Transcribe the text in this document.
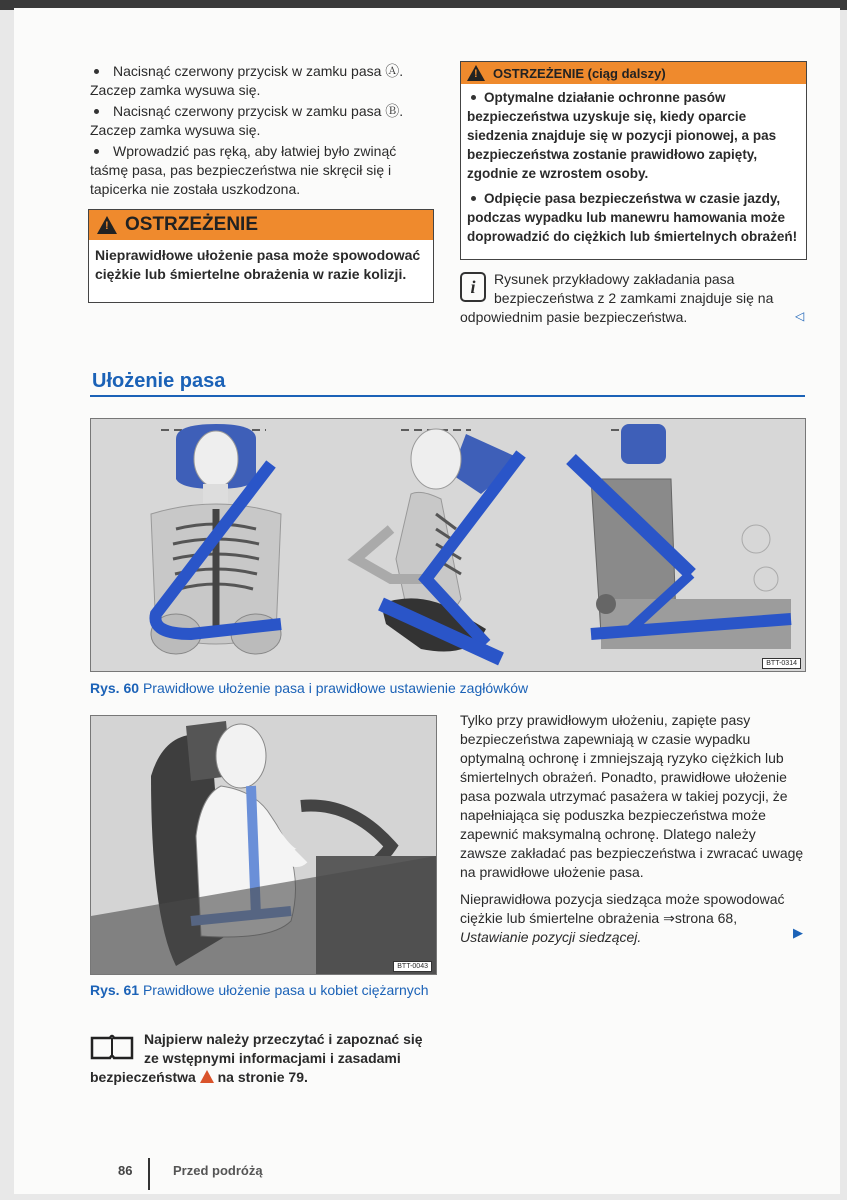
Nacisnąć czerwony przycisk w zamku pasa Ⓐ. Zaczep zamka wysuwa się.

Nacisnąć czerwony przycisk w zamku pasa Ⓑ. Zaczep zamka wysuwa się.

Wprowadzić pas ręką, aby łatwiej było zwinąć taśmę pasa, pas bezpieczeństwa nie skręcił się i tapicerka nie została uszkodzona.

! OSTRZEŻENIE

Nieprawidłowe ułożenie pasa może spowodować ciężkie lub śmiertelne obrażenia w razie kolizji.

! OSTRZEŻENIE (ciąg dalszy)

Optymalne działanie ochronne pasów bezpieczeństwa uzyskuje się, kiedy oparcie siedzenia znajduje się w pozycji pionowej, a pas bezpieczeństwa zostanie prawidłowo zapięty, zgodnie ze wzrostem osoby.

Odpięcie pasa bezpieczeństwa w czasie jazdy, podczas wypadku lub manewru hamowania może doprowadzić do ciężkich lub śmiertelnych obrażeń!

i	Rysunek przykładowy zakładania pasa bezpieczeństwa z 2 zamkami znajduje się na odpowiednim pasie bezpieczeństwa.	◁
Ułożenie pasa
BTT-0314
Rys. 60 Prawidłowe ułożenie pasa i prawidłowe ustawienie zagłówków
BTT-0043
Rys. 61 Prawidłowe ułożenie pasa u kobiet ciężarnych

Najpierw należy przeczytać i zapoznać się ze wstępnymi informacjami i zasadami bezpieczeństwa na stronie 79.

Tylko przy prawidłowym ułożeniu, zapięte pasy bezpieczeństwa zapewniają w czasie wypadku optymalną ochronę i zmniejszają ryzyko ciężkich lub śmiertelnych obrażeń. Ponadto, prawidłowe ułożenie pasa pozwala utrzymać pasażera w takiej pozycji, że napełniająca się poduszka bezpieczeństwa może zapewnić maksymalną ochronę. Dlatego należy zawsze zakładać pas bezpieczeństwa i zwracać uwagę na prawidłowe ułożenie pasa.

Nieprawidłowa pozycja siedząca może spowodować ciężkie lub śmiertelne obrażenia ⇒strona 68, Ustawianie pozycji siedzącej.	▶
86	Przed podróżą
